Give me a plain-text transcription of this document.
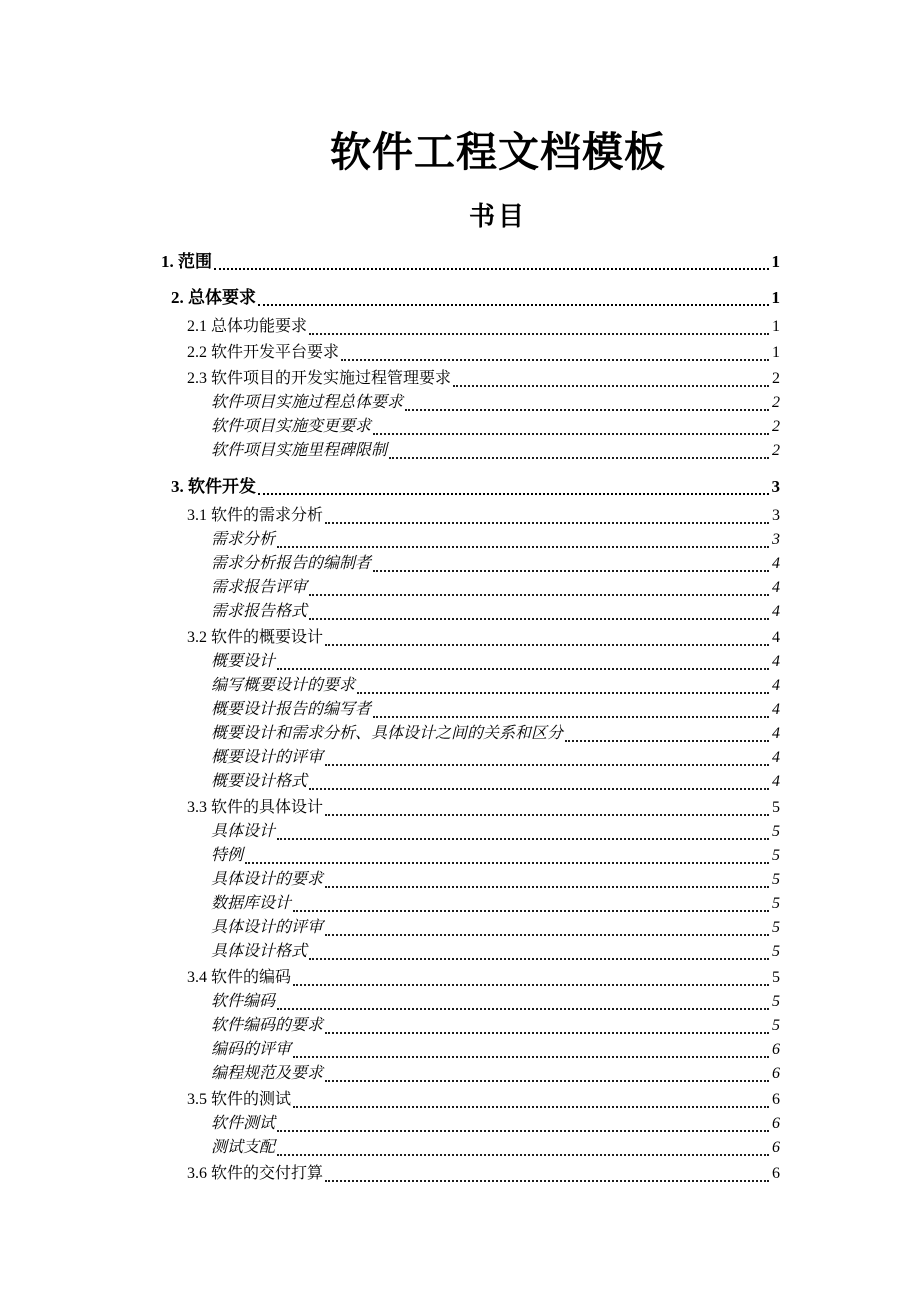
软件工程文档模板
书目
1. 范围	1
2. 总体要求	1
2.1 总体功能要求	1
2.2 软件开发平台要求	1
2.3 软件项目的开发实施过程管理要求	2
软件项目实施过程总体要求	2
软件项目实施变更要求	2
软件项目实施里程碑限制	2
3. 软件开发	3
3.1 软件的需求分析	3
需求分析	3
需求分析报告的编制者	4
需求报告评审	4
需求报告格式	4
3.2 软件的概要设计	4
概要设计	4
编写概要设计的要求	4
概要设计报告的编写者	4
概要设计和需求分析、具体设计之间的关系和区分	4
概要设计的评审	4
概要设计格式	4
3.3 软件的具体设计	5
具体设计	5
特例	5
具体设计的要求	5
数据库设计	5
具体设计的评审	5
具体设计格式	5
3.4 软件的编码	5
软件编码	5
软件编码的要求	5
编码的评审	6
编程规范及要求	6
3.5 软件的测试	6
软件测试	6
测试支配	6
3.6 软件的交付打算	6
